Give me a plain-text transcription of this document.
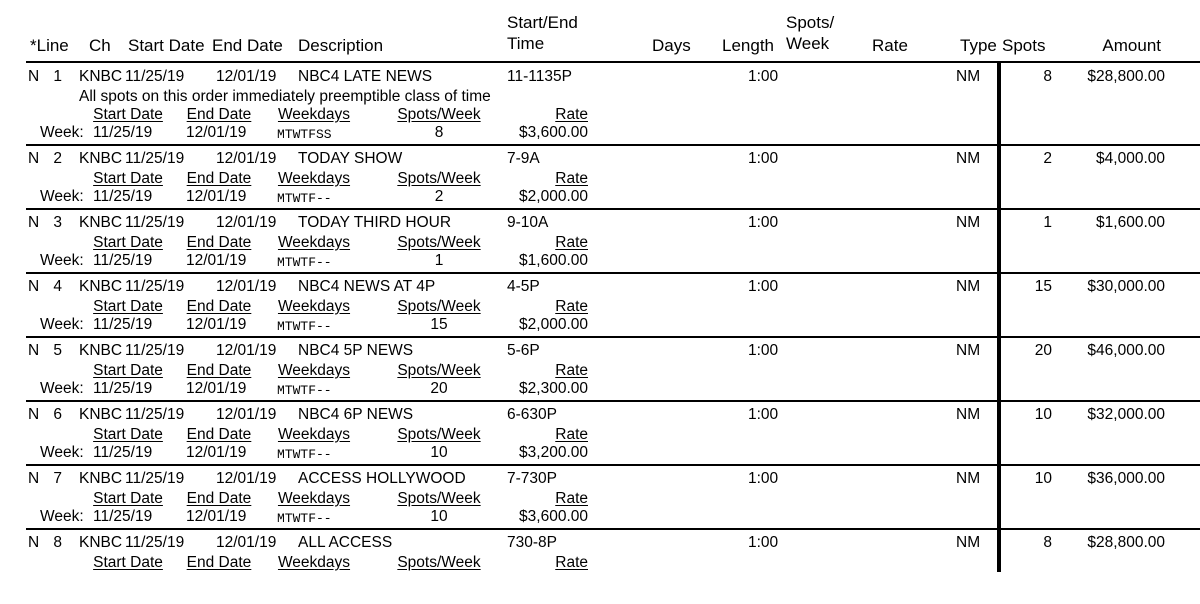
*Line Ch Start Date End Date Description
Start/End
Time	Days Length
Spots/
Week	Rate	Type Spots	Amount
N 1 KNBC 11/25/19 12/01/19 NBC4 LATE NEWS	11-1135P	1:00	NM	8	$28,800.00
All spots on this order immediately preemptible class of time
Start Date End Date Weekdays	Spots/Week	Rate
Week: 11/25/19 12/01/19 MTWTFSS	8	$3,600.00
N 2 KNBC 11/25/19 12/01/19 TODAY SHOW	7-9A	1:00	NM	2	$4,000.00
Start Date End Date Weekdays	Spots/Week	Rate
Week: 11/25/19 12/01/19 MTWTF--	2	$2,000.00
N 3 KNBC 11/25/19 12/01/19 TODAY THIRD HOUR	9-10A	1:00	NM	1	$1,600.00
Start Date End Date Weekdays	Spots/Week	Rate
Week: 11/25/19 12/01/19 MTWTF--	1	$1,600.00
N 4 KNBC 11/25/19 12/01/19 NBC4 NEWS AT 4P	4-5P	1:00	NM	15	$30,000.00
Start Date End Date Weekdays	Spots/Week	Rate
Week: 11/25/19 12/01/19 MTWTF--	15	$2,000.00
N 5 KNBC 11/25/19 12/01/19 NBC4 5P NEWS	5-6P	1:00	NM	20	$46,000.00
Start Date End Date Weekdays	Spots/Week	Rate
Week: 11/25/19 12/01/19 MTWTF--	20	$2,300.00
N 6 KNBC 11/25/19 12/01/19 NBC4 6P NEWS	6-630P	1:00	NM	10	$32,000.00
Start Date End Date Weekdays	Spots/Week	Rate
Week: 11/25/19 12/01/19 MTWTF--	10	$3,200.00
N 7 KNBC 11/25/19 12/01/19 ACCESS HOLLYWOOD	7-730P	1:00	NM	10	$36,000.00
Start Date End Date Weekdays	Spots/Week	Rate
Week: 11/25/19 12/01/19 MTWTF--	10	$3,600.00
N 8 KNBC 11/25/19 12/01/19 ALL ACCESS	730-8P	1:00	NM	8	$28,800.00
Start Date End Date Weekdays	Spots/Week	Rate
